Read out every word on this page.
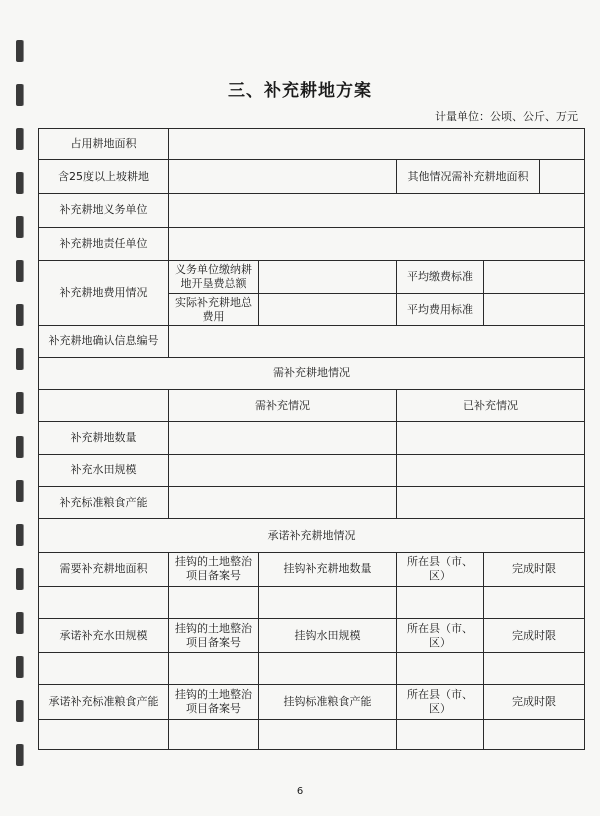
三、补充耕地方案
计量单位：公顷、公斤、万元
占用耕地面积				
含25度以上坡耕地			其他情况需补充耕地面积	

补充耕地义务单位				
补充耕地责任单位				
补充耕地费用情况	义务单位缴纳耕地开垦费总额		平均缴费标准	
	实际补充耕地总费用		平均费用标准	
补充耕地确认信息编号				
需补充耕地情况				
	需补充情况		已补充情况	
补充耕地数量				
补充水田规模				
补充标准粮食产能				
承诺补充耕地情况				
需要补充耕地面积	挂钩的土地整治项目备案号	挂钩补充耕地数量	所在县（市、区）	完成时限

承诺补充水田规模	挂钩的土地整治项目备案号	挂钩水田规模	所在县（市、区）	完成时限

承诺补充标准粮食产能	挂钩的土地整治项目备案号	挂钩标准粮食产能	所在县（市、区）	完成时限

6
